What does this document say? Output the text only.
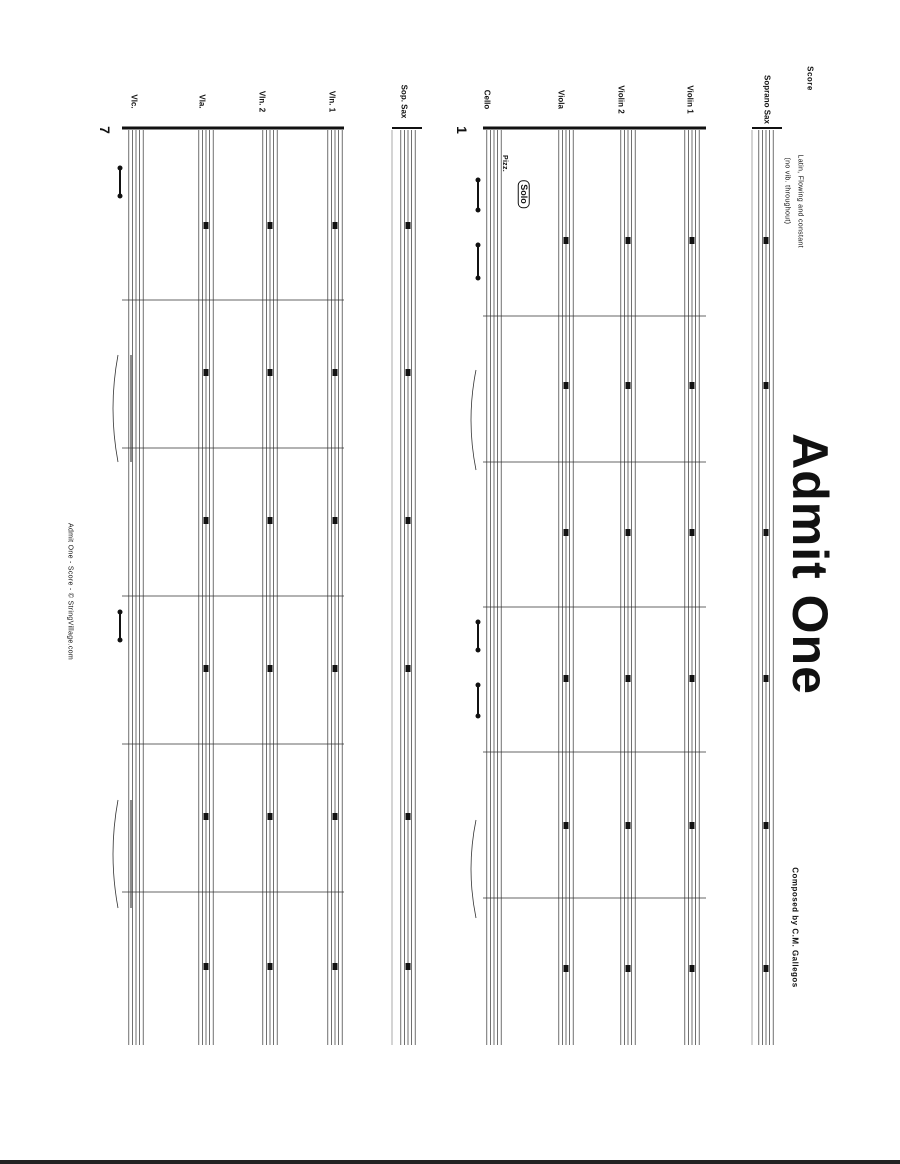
Score
Admit One
Composed by C.M. Gallegos
Latin, Flowing and constant
(no vib. throughout)
Admit One - Score - © StringVillage.com
1
7
Soprano Sax
Violin 1
Violin 2
Viola
Cello
Sop. Sax
Vln. 1
Vln. 2
Vla.
Vlc.
Solo
Pizz.
